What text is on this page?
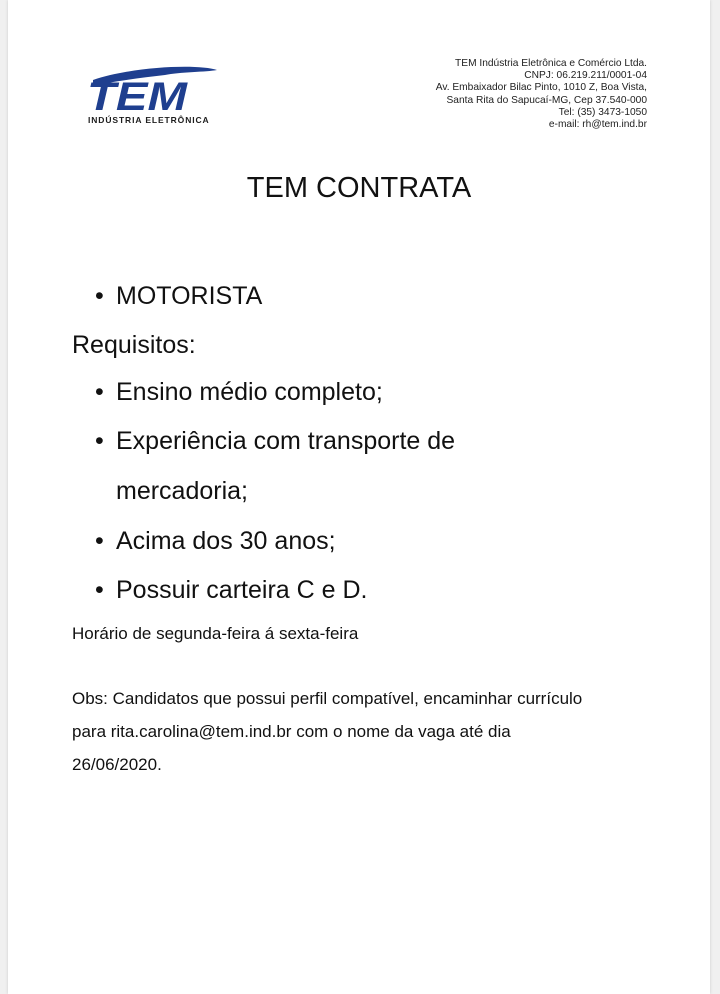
TEM
INDÚSTRIA ELETRÔNICA
TEM Indústria Eletrônica e Comércio Ltda.
CNPJ: 06.219.211/0001-04
Av. Embaixador Bilac Pinto, 1010 Z, Boa Vista,
Santa Rita do Sapucaí-MG, Cep 37.540-000
Tel: (35) 3473-1050
e-mail: rh@tem.ind.br
TEM CONTRATA
• MOTORISTA
Requisitos:
• Ensino médio completo;
• Experiência com transporte de
mercadoria;
• Acima dos 30 anos;
• Possuir carteira C e D.
Horário de segunda-feira á sexta-feira
Obs: Candidatos que possui perfil compatível, encaminhar currículo
para rita.carolina@tem.ind.br com o nome da vaga até dia
26/06/2020.
